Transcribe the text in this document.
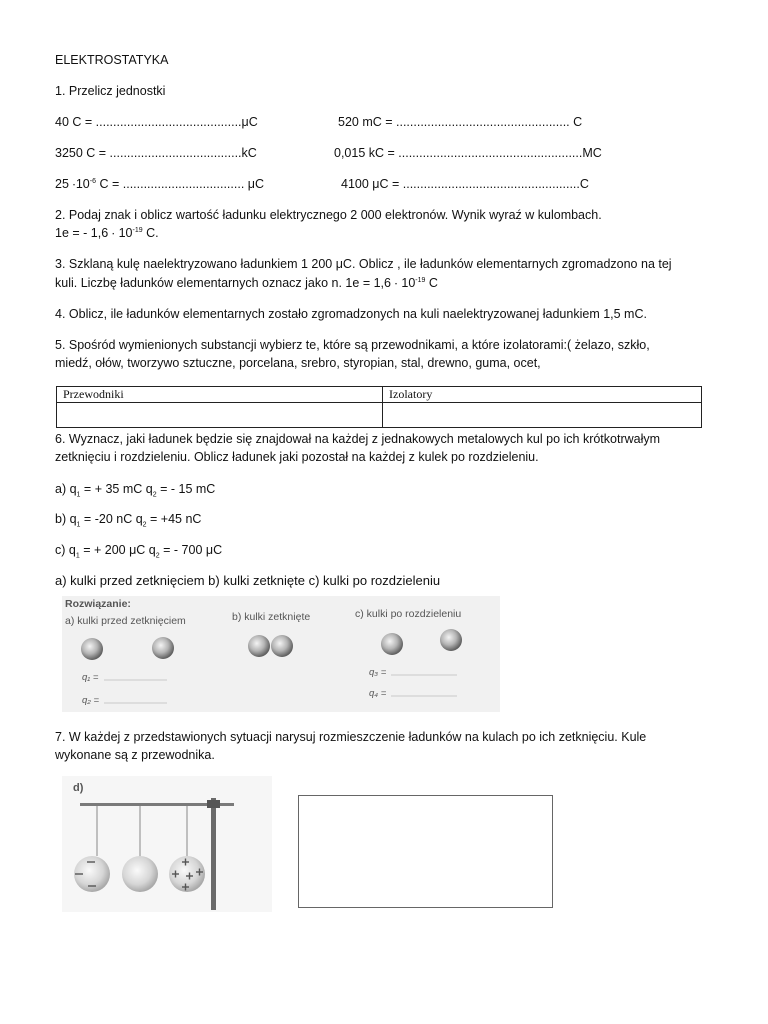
ELEKTROSTATYKA
1. Przelicz jednostki
40 C = ..........................................μC	520 mC = .................................................. C
3250 C = ......................................kC	0,015 kC = .....................................................MC
$25 \cdot 10^{-6}$ C = ................................... μC	4100 μC = ...................................................C
2. Podaj znak i oblicz wartość ładunku elektrycznego 2 000 elektronów. Wynik wyraź w kulombach.
1e = - $1,6 \cdot 10^{-19}$ C.
3. Szklaną kulę naelektryzowano ładunkiem 1 200 μC. Oblicz , ile ładunków elementarnych zgromadzono na tej
kuli. Liczbę ładunków elementarnych oznacz jako n. $1e = 1,6 \cdot 10^{-19}$ C
4. Oblicz, ile ładunków elementarnych zostało zgromadzonych na kuli naelektryzowanej ładunkiem 1,5 mC.
5. Spośród wymienionych substancji wybierz te, które są przewodnikami, a które izolatorami:( żelazo, szkło,
miedź, ołów, tworzywo sztuczne, porcelana, srebro, styropian, stal, drewno, guma, ocet,
Przewodniki	Izolatory

6. Wyznacz, jaki ładunek będzie się znajdował na każdej z jednakowych metalowych kul po ich krótkotrwałym
zetknięciu i rozdzieleniu. Oblicz ładunek jaki pozostał na każdej z kulek po rozdzieleniu.
a) $q_1$ = + 35 mC $q_2$ = - 15 mC
b) $q_1 = -20$ nC $q_2 = +45$ nC
c) $q_1$ = + 200 μC $q_2$ = - 700 μC
a) kulki przed zetknięciem b) kulki zetknięte c) kulki po rozdzieleniu
Rozwiązanie:
a) kulki przed zetknięciem	b) kulki zetknięte	c) kulki po rozdzieleniu
q₁ =
q₂ =
q₃ =
q₄ =
7. W każdej z przedstawionych sytuacji narysuj rozmieszczenie ładunków na kulach po ich zetknięciu. Kule
wykonane są z przewodnika.
d)
